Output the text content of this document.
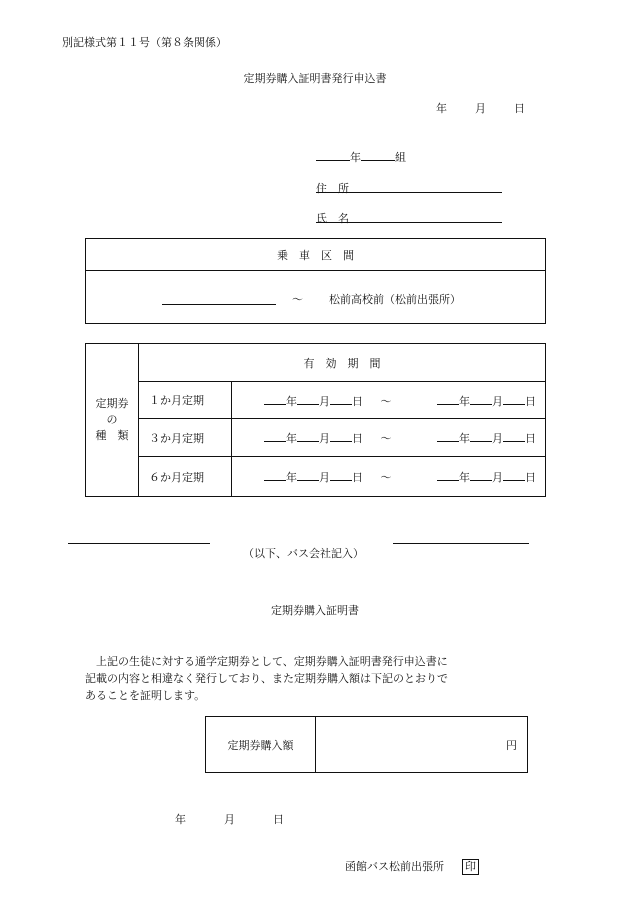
別記様式第１１号（第８条関係）
定期券購入証明書発行申込書
年	月	日
年	組
住　所
氏　名
乗　車　区　間

～ 松前高校前（松前出張所）
定期券
の
種　類	有　効　期　間	
	１か月定期	年 月 日 ～ 年 月 日

	３か月定期	年 月 日 ～ 年 月 日

	６か月定期	年 月 日 ～ 年 月 日
（以下、バス会社記入）
定期券購入証明書
上記の生徒に対する通学定期券として、定期券購入証明書発行申込書に
記載の内容と相違なく発行しており、また定期券購入額は下記のとおりで
あることを証明します。
定期券購入額	円
年	月	日
函館バス松前出張所 印
